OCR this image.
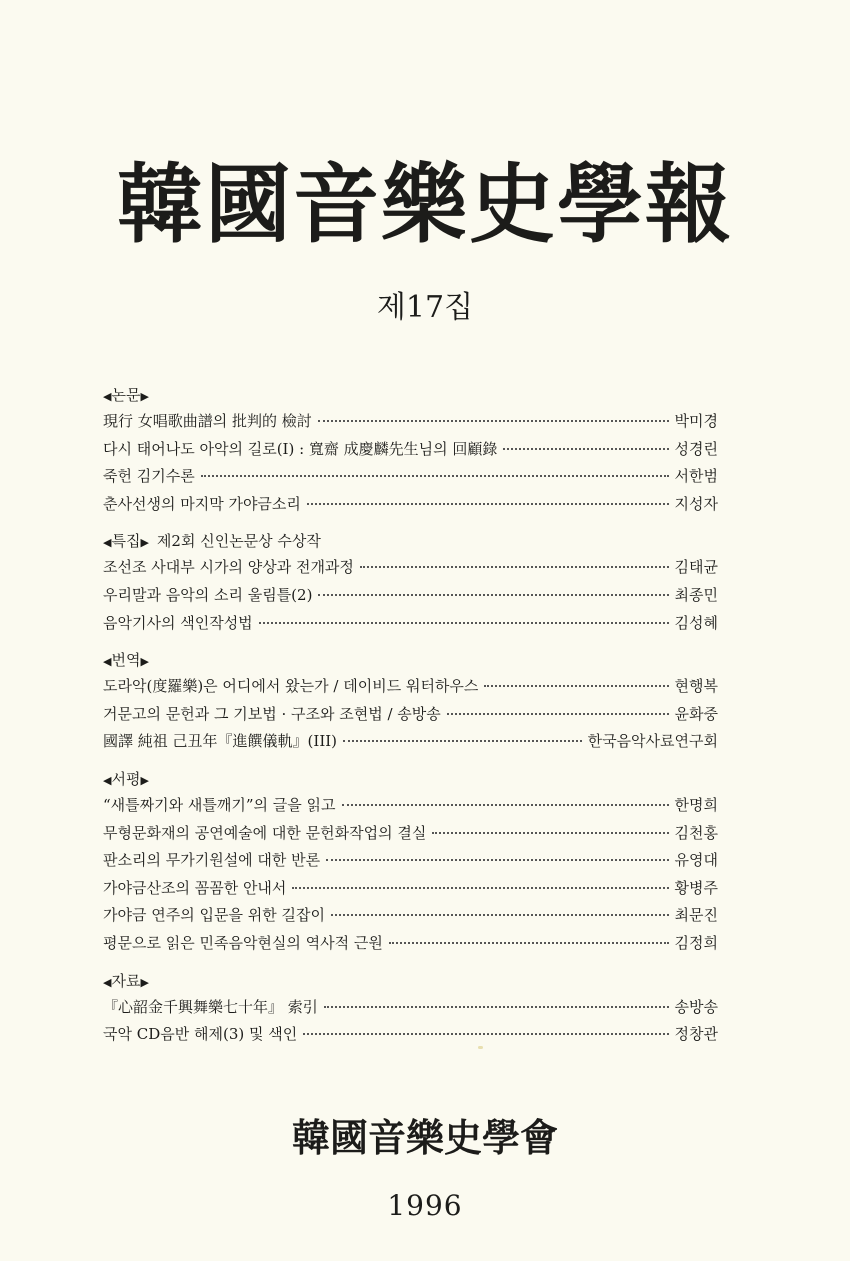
韓國音樂史學報
제17집
◀논문▶
現行 女唱歌曲譜의 批判的 檢討	박미경
다시 태어나도 아악의 길로(Ⅰ) : 寬齋 成慶麟先生님의 回顧錄	성경린
죽헌 김기수론	서한범
춘사선생의 마지막 가야금소리	지성자
◀특집▶ 제2회 신인논문상 수상작
조선조 사대부 시가의 양상과 전개과정	김태균
우리말과 음악의 소리 울림틀(2)	최종민
음악기사의 색인작성법	김성혜
◀번역▶
도라악(度羅樂)은 어디에서 왔는가 / 데이비드 워터하우스	현행복
거문고의 문헌과 그 기보법 · 구조와 조현법 / 송방송	윤화중
國譯 純祖 己丑年『進饌儀軌』(III)	한국음악사료연구회
◀서평▶
“새틀짜기와 새틀깨기”의 글을 읽고	한명희
무형문화재의 공연예술에 대한 문헌화작업의 결실	김천홍
판소리의 무가기원설에 대한 반론	유영대
가야금산조의 꼼꼼한 안내서	황병주
가야금 연주의 입문을 위한 길잡이	최문진
평문으로 읽은 민족음악현실의 역사적 근원	김정희
◀자료▶
『心韶金千興舞樂七十年』 索引	송방송
국악 CD음반 해제(3) 및 색인	정창관
韓國音樂史學會
1996
